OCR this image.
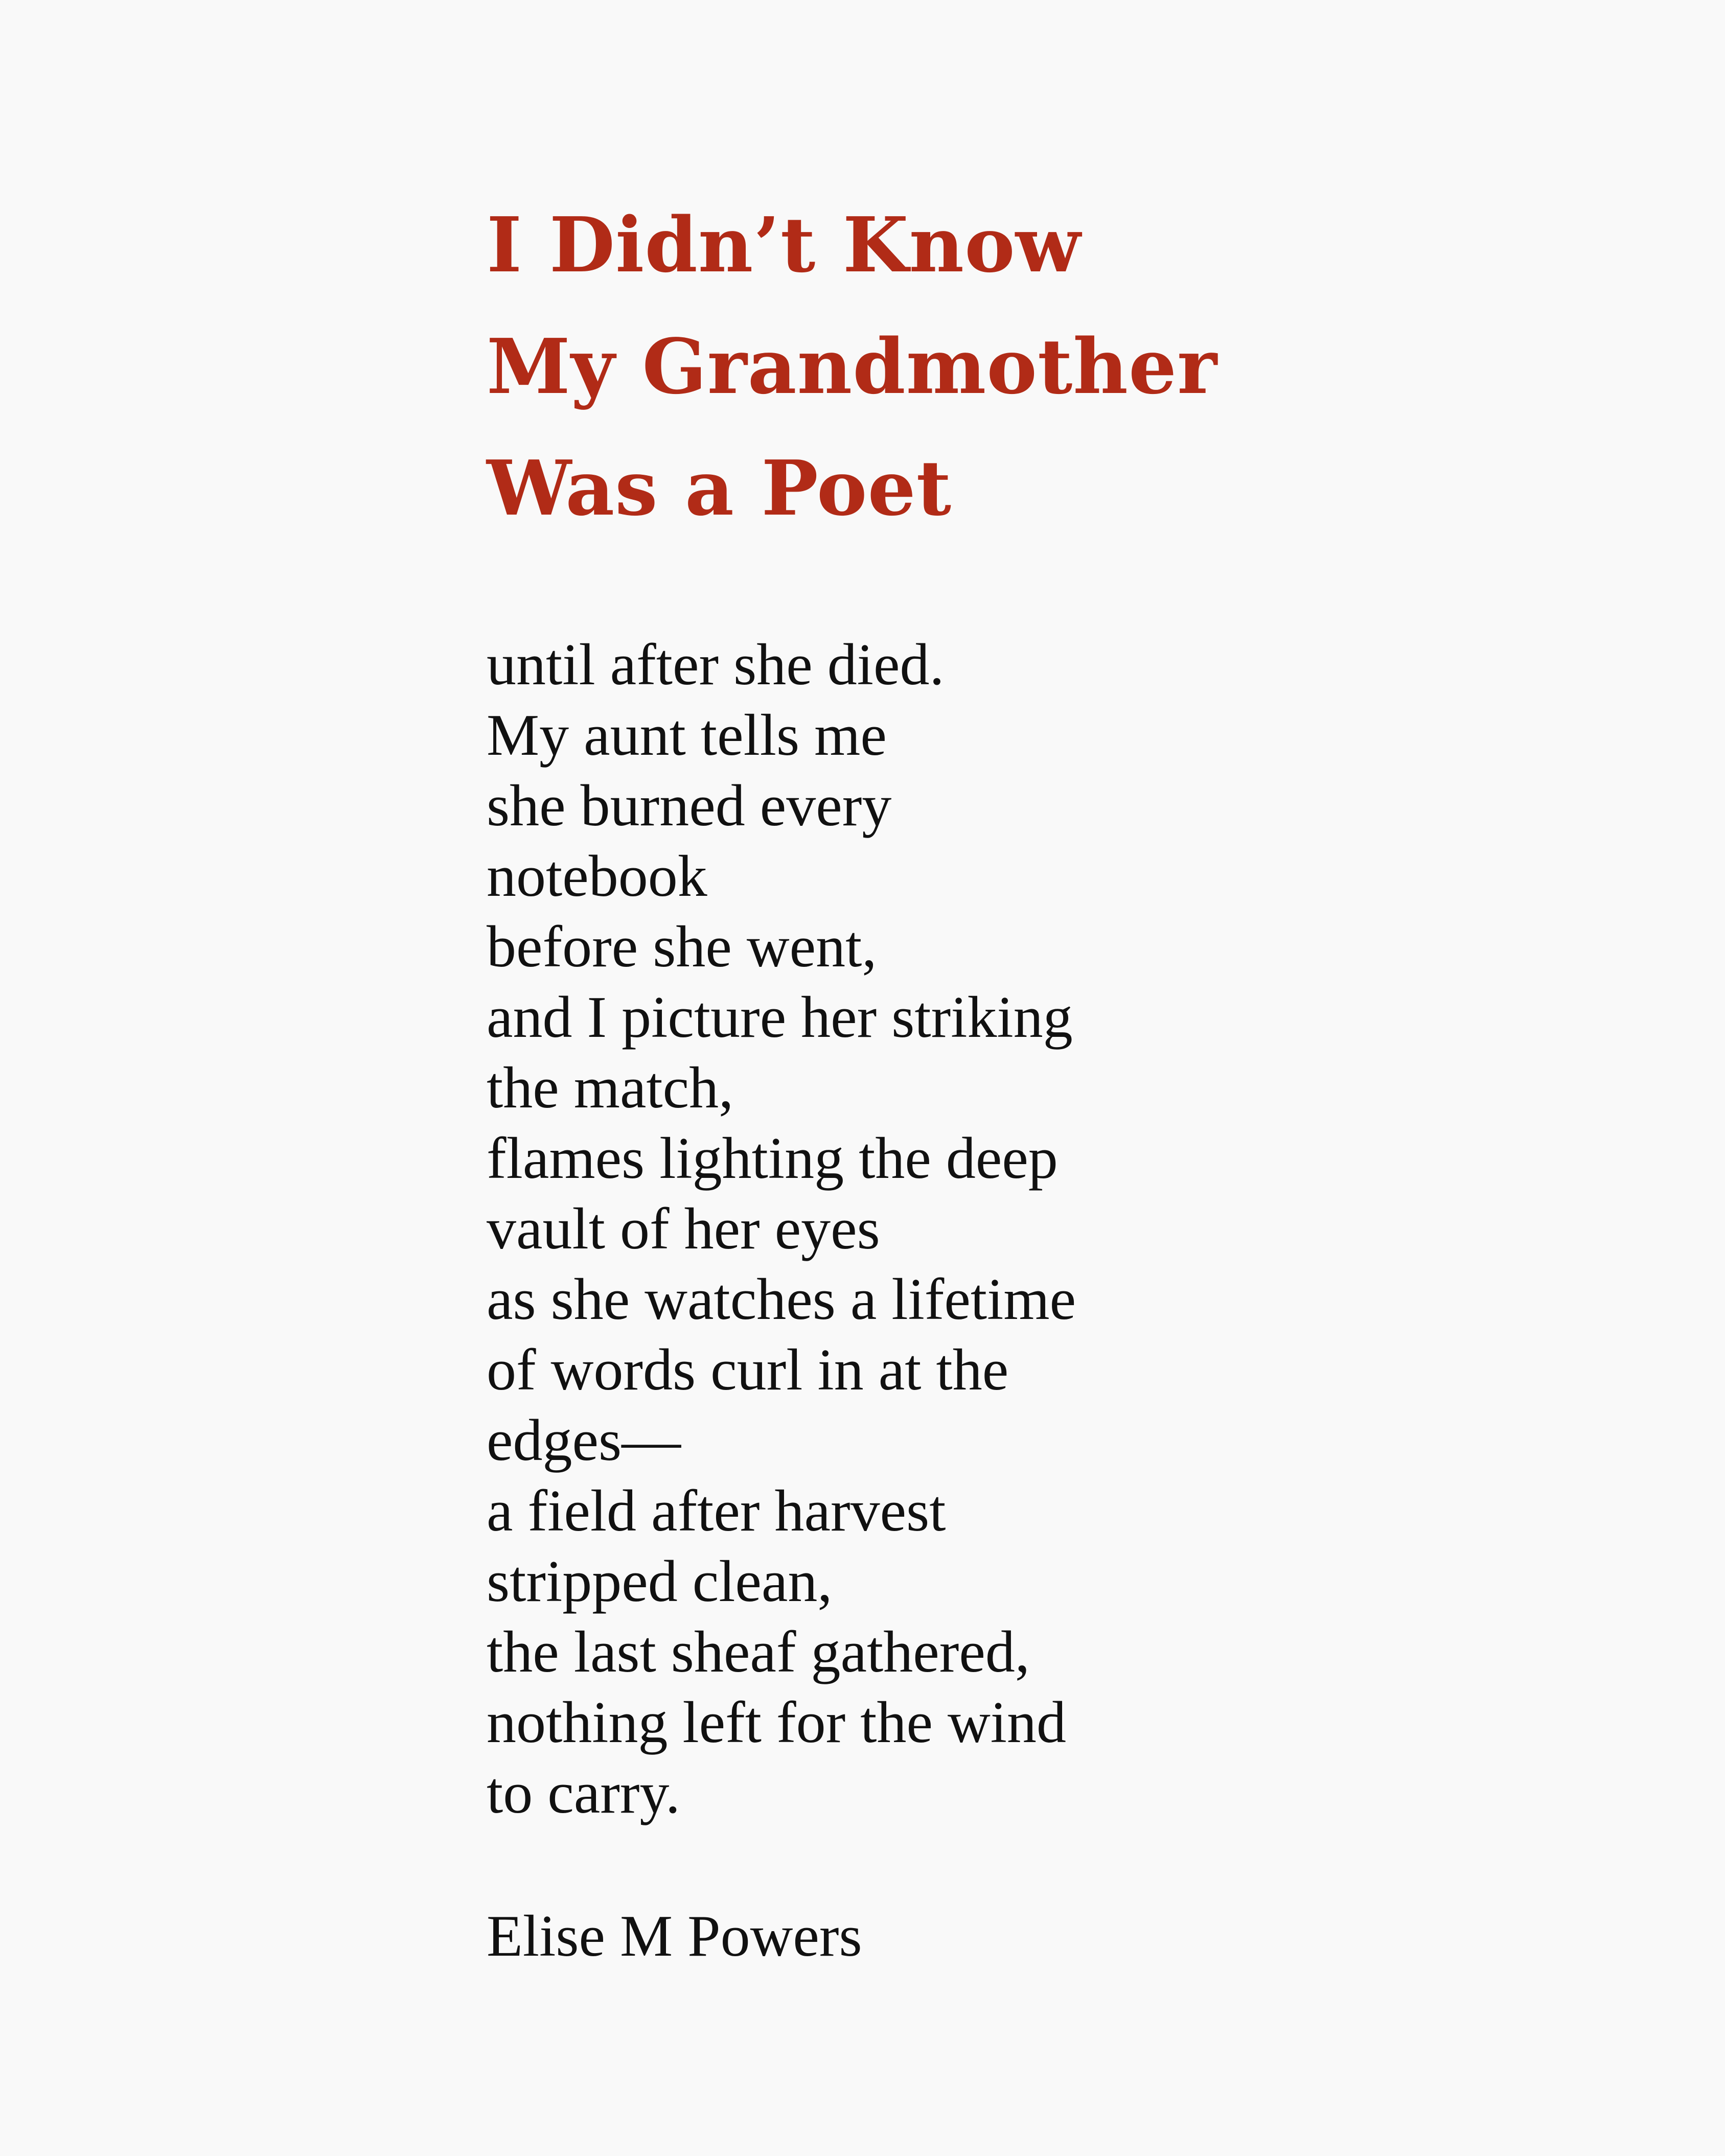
I Didn’t Know
My Grandmother
Was a Poet
until after she died.
My aunt tells me
she burned every
notebook
before she went,
and I picture her striking
the match,
flames lighting the deep
vault of her eyes
as she watches a lifetime
of words curl in at the
edges—
a field after harvest
stripped clean,
the last sheaf gathered,
nothing left for the wind
to carry.
Elise M Powers
